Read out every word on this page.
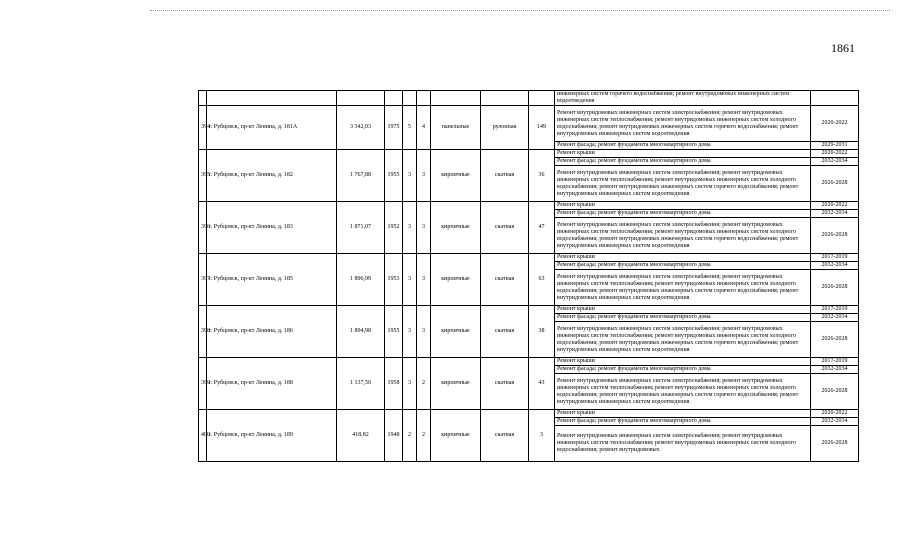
1861
									инженерных систем горячего водоснабжения; ремонт внутридомовых инженерных систем водоотведения	
394	г. Рубцовск, пр-кт Ленина, д. 181А	3 342,03	1975	5	4	панельные	рулонная	149	Ремонт внутридомовых инженерных систем электроснабжения; ремонт внутридомовых инженерных систем теплоснабжения; ремонт внутридомовых инженерных систем холодного водоснабжения; ремонт внутридомовых инженерных систем горячего водоснабжения; ремонт внутридомовых инженерных систем водоотведения	2020-2022
									Ремонт фасада; ремонт фундамента многоквартирного дома	2029-2031
395	г. Рубцовск, пр-кт Ленина, д. 182	1 767,88	1955	3	3	кирпичные	скатная	36	Ремонт крыши	2020-2022
									Ремонт фасада; ремонт фундамента многоквартирного дома	2032-2034
									Ремонт внутридомовых инженерных систем электроснабжения; ремонт внутридомовых инженерных систем теплоснабжения; ремонт внутридомовых инженерных систем холодного водоснабжения; ремонт внутридомовых инженерных систем горячего водоснабжения; ремонт внутридомовых инженерных систем водоотведения	2026-2028
396	г. Рубцовск, пр-кт Ленина, д. 183	1 871,07	1952	3	3	кирпичные	скатная	47	Ремонт крыши	2020-2022
									Ремонт фасада; ремонт фундамента многоквартирного дома	2032-2034
									Ремонт внутридомовых инженерных систем электроснабжения; ремонт внутридомовых инженерных систем теплоснабжения; ремонт внутридомовых инженерных систем холодного водоснабжения; ремонт внутридомовых инженерных систем горячего водоснабжения; ремонт внутридомовых инженерных систем водоотведения	2026-2028
397	г. Рубцовск, пр-кт Ленина, д. 185	1 896,99	1953	3	3	кирпичные	скатная	63	Ремонт крыши	2017-2019
									Ремонт фасада; ремонт фундамента многоквартирного дома	2032-2034
									Ремонт внутридомовых инженерных систем электроснабжения; ремонт внутридомовых инженерных систем теплоснабжения; ремонт внутридомовых инженерных систем холодного водоснабжения; ремонт внутридомовых инженерных систем горячего водоснабжения; ремонт внутридомовых инженерных систем водоотведения	2026-2028
398	г. Рубцовск, пр-кт Ленина, д. 186	1 894,98	1955	3	3	кирпичные	скатная	38	Ремонт крыши	2017-2019
									Ремонт фасада; ремонт фундамента многоквартирного дома	2032-2034
									Ремонт внутридомовых инженерных систем электроснабжения; ремонт внутридомовых инженерных систем теплоснабжения; ремонт внутридомовых инженерных систем холодного водоснабжения; ремонт внутридомовых инженерных систем горячего водоснабжения; ремонт внутридомовых инженерных систем водоотведения	2026-2028
399	г. Рубцовск, пр-кт Ленина, д. 188	1 137,50	1958	3	2	кирпичные	скатная	43	Ремонт крыши	2017-2019
									Ремонт фасада; ремонт фундамента многоквартирного дома	2032-2034
									Ремонт внутридомовых инженерных систем электроснабжения; ремонт внутридомовых инженерных систем теплоснабжения; ремонт внутридомовых инженерных систем холодного водоснабжения; ремонт внутридомовых инженерных систем горячего водоснабжения; ремонт внутридомовых инженерных систем водоотведения	2026-2028
400	г. Рубцовск, пр-кт Ленина, д. 189	418,82	1948	2	2	кирпичные	скатная	3	Ремонт крыши	2020-2022
									Ремонт фасада; ремонт фундамента многоквартирного дома	2032-2034
									Ремонт внутридомовых инженерных систем электроснабжения; ремонт внутридомовых инженерных систем теплоснабжения; ремонт внутридомовых инженерных систем холодного водоснабжения; ремонт внутридомовых	2026-2028
